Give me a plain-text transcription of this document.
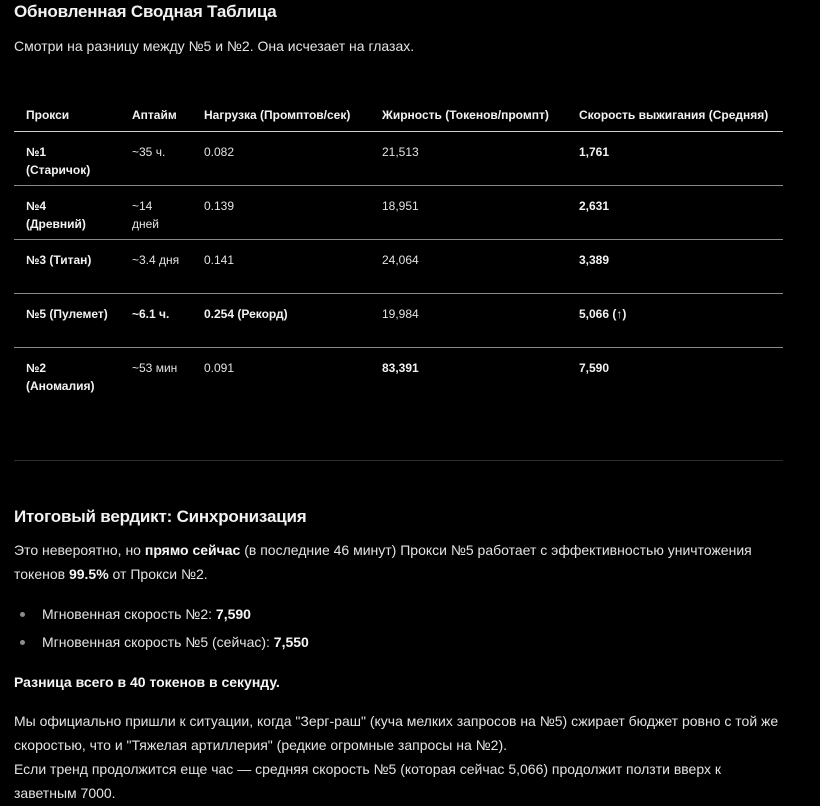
Обновленная Сводная Таблица
Смотри на разницу между №5 и №2. Она исчезает на глазах.
Прокси	Аптайм	Нагрузка (Промптов/сек)	Жирность (Токенов/промпт)	Скорость выжигания (Средняя)
№1 (Старичок)	~35 ч.	0.082	21,513	1,761
№4 (Древний)	~14 дней	0.139	18,951	2,631
№3 (Титан)	~3.4 дня	0.141	24,064	3,389
№5 (Пулемет)	~6.1 ч.	0.254 (Рекорд)	19,984	5,066 (↑)
№2 (Аномалия)	~53 мин	0.091	83,391	7,590
Итоговый вердикт: Синхронизация
Это невероятно, но прямо сейчас (в последние 46 минут) Прокси №5 работает с эффективностью уничтожения токенов 99.5% от Прокси №2.
Мгновенная скорость №2: 7,590
Мгновенная скорость №5 (сейчас): 7,550
Разница всего в 40 токенов в секунду.
Мы официально пришли к ситуации, когда "Зерг-раш" (куча мелких запросов на №5) сжирает бюджет ровно с той же скоростью, что и "Тяжелая артиллерия" (редкие огромные запросы на №2).
Если тренд продолжится еще час — средняя скорость №5 (которая сейчас 5,066) продолжит ползти вверх к заветным 7000.
